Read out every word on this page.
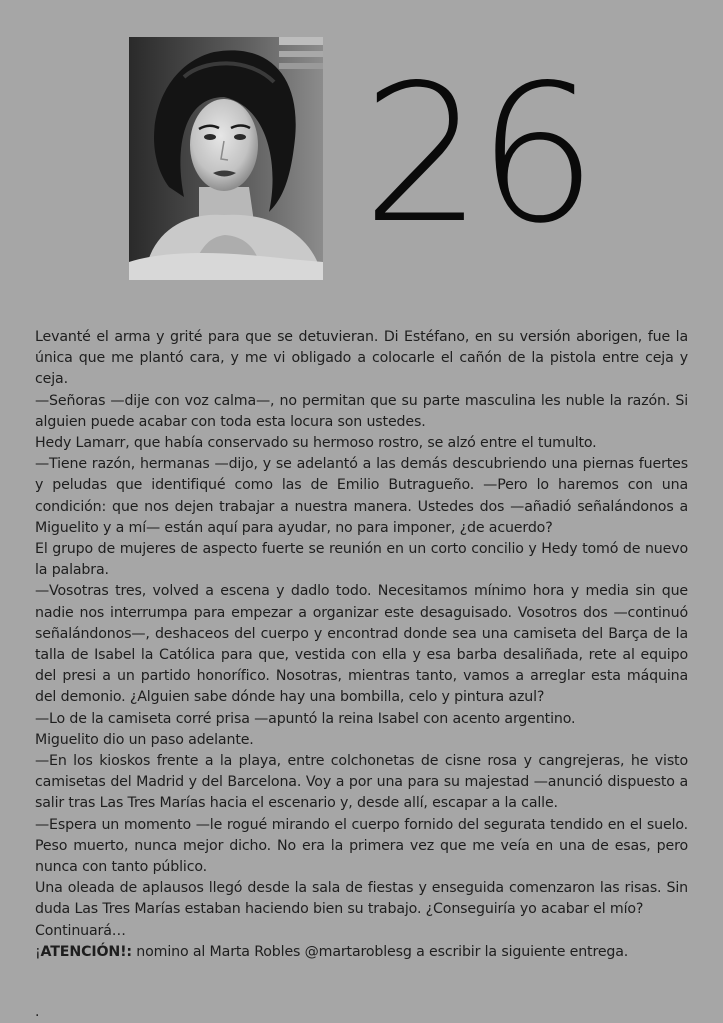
26

Levanté el arma y grité para que se detuvieran. Di Estéfano, en su versión aborigen, fue la única que me plantó cara, y me vi obligado a colocarle el cañón de la pistola entre ceja y ceja.

—Señoras —dije con voz calma—, no permitan que su parte masculina les nuble la razón. Si alguien puede acabar con toda esta locura son ustedes.

Hedy Lamarr, que había conservado su hermoso rostro, se alzó entre el tumulto.

—Tiene razón, hermanas —dijo, y se adelantó a las demás descubriendo una piernas fuertes y peludas que identifiqué como las de Emilio Butragueño. —Pero lo haremos con una condición: que nos dejen trabajar a nuestra manera. Ustedes dos —añadió señalándonos a Miguelito y a mí— están aquí para ayudar, no para imponer, ¿de acuerdo?

El grupo de mujeres de aspecto fuerte se reunión en un corto concilio y Hedy tomó de nuevo la palabra.

—Vosotras tres, volved a escena y dadlo todo. Necesitamos mínimo hora y media sin que nadie nos interrumpa para empezar a organizar este desaguisado. Vosotros dos —continuó señalándonos—, deshaceos del cuerpo y encontrad donde sea una camiseta del Barça de la talla de Isabel la Católica para que, vestida con ella y esa barba desaliñada, rete al equipo del presi a un partido honorífico. Nosotras, mientras tanto, vamos a arreglar esta máquina del demonio. ¿Alguien sabe dónde hay una bombilla, celo y pintura azul?

—Lo de la camiseta corré prisa —apuntó la reina Isabel con acento argentino.

Miguelito dio un paso adelante.

—En los kioskos frente a la playa, entre colchonetas de cisne rosa y cangrejeras, he visto camisetas del Madrid y del Barcelona. Voy a por una para su majestad —anunció dispuesto a salir tras Las Tres Marías hacia el escenario y, desde allí, escapar a la calle.

—Espera un momento —le rogué mirando el cuerpo fornido del segurata tendido en el suelo. Peso muerto, nunca mejor dicho. No era la primera vez que me veía en una de esas, pero nunca con tanto público.

Una oleada de aplausos llegó desde la sala de fiestas y enseguida comenzaron las risas. Sin duda Las Tres Marías estaban haciendo bien su trabajo. ¿Conseguiría yo acabar el mío?

Continuará…

¡ATENCIÓN!: nomino al Marta Robles @martaroblesg a escribir la siguiente entrega.

.
